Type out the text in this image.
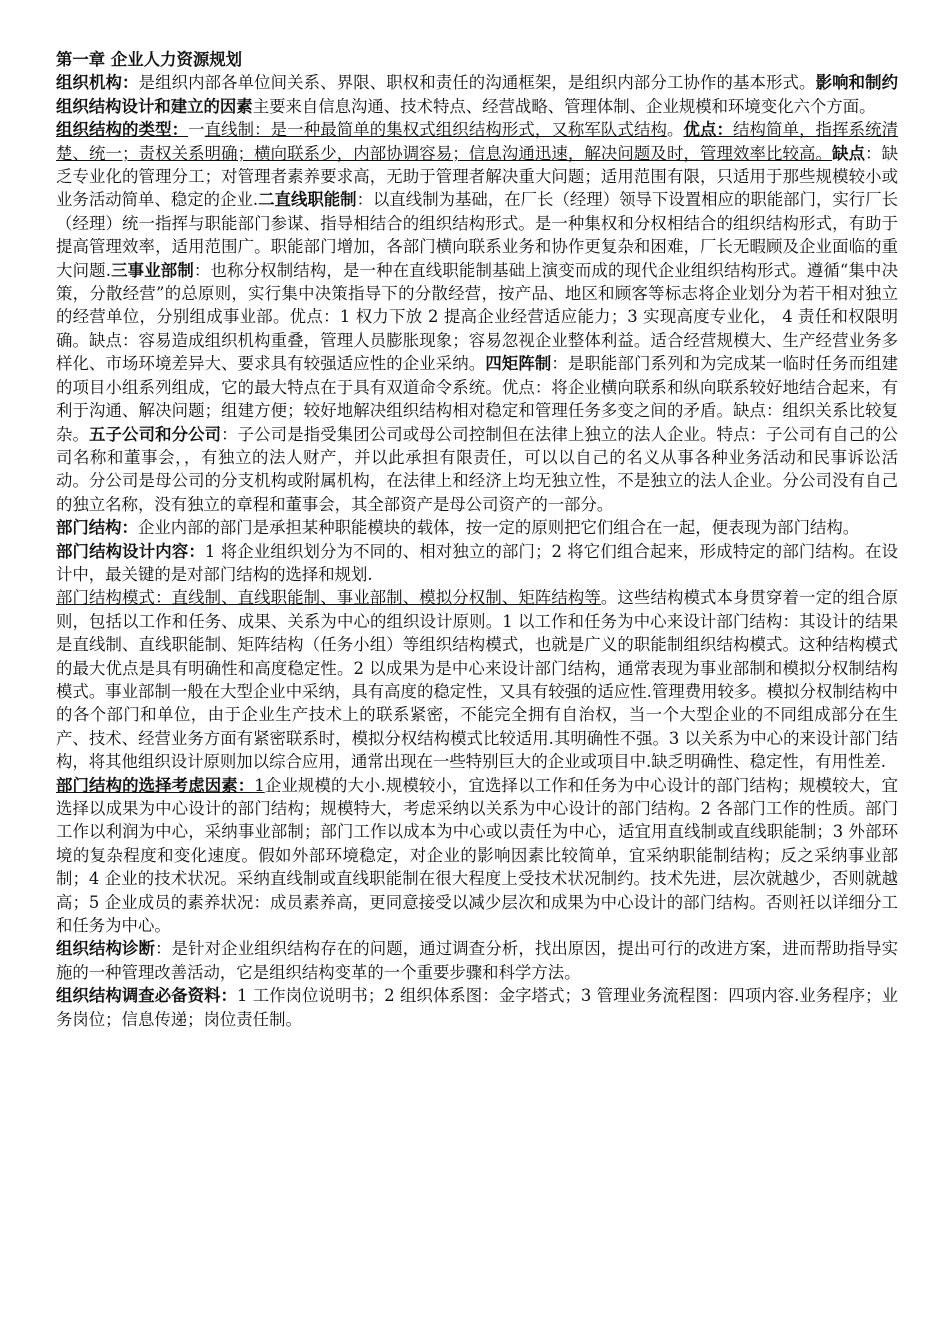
第一章 企业人力资源规划

组织机构：是组织内部各单位间关系、界限、职权和责任的沟通框架，是组织内部分工协作的基本形式。影响和制约组织结构设计和建立的因素主要来自信息沟通、技术特点、经营战略、管理体制、企业规模和环境变化六个方面。

组织结构的类型：一直线制：是一种最简单的集权式组织结构形式，又称军队式结构。优点：结构简单，指挥系统清楚、统一；责权关系明确；横向联系少，内部协调容易；信息沟通迅速，解决问题及时，管理效率比较高。缺点：缺乏专业化的管理分工；对管理者素养要求高，无助于管理者解决重大问题；适用范围有限，只适用于那些规模较小或业务活动简单、稳定的企业.二直线职能制：以直线制为基础，在厂长（经理）领导下设置相应的职能部门，实行厂长（经理）统一指挥与职能部门参谋、指导相结合的组织结构形式。是一种集权和分权相结合的组织结构形式，有助于提高管理效率，适用范围广。职能部门增加，各部门横向联系业务和协作更复杂和困难，厂长无暇顾及企业面临的重大问题.三事业部制：也称分权制结构，是一种在直线职能制基础上演变而成的现代企业组织结构形式。遵循“集中决策，分散经营”的总原则，实行集中决策指导下的分散经营，按产品、地区和顾客等标志将企业划分为若干相对独立的经营单位，分别组成事业部。优点：1 权力下放 2 提高企业经营适应能力；3 实现高度专业化， 4 责任和权限明确。缺点：容易造成组织机构重叠，管理人员膨胀现象；容易忽视企业整体利益。适合经营规模大、生产经营业务多样化、市场环境差异大、要求具有较强适应性的企业采纳。四矩阵制：是职能部门系列和为完成某一临时任务而组建的项目小组系列组成，它的最大特点在于具有双道命令系统。优点：将企业横向联系和纵向联系较好地结合起来，有利于沟通、解决问题；组建方便；较好地解决组织结构相对稳定和管理任务多变之间的矛盾。缺点：组织关系比较复杂。五子公司和分公司：子公司是指受集团公司或母公司控制但在法律上独立的法人企业。特点：子公司有自己的公司名称和董事会，，有独立的法人财产，并以此承担有限责任，可以以自己的名义从事各种业务活动和民事诉讼活动。分公司是母公司的分支机构或附属机构，在法律上和经济上均无独立性，不是独立的法人企业。分公司没有自己的独立名称，没有独立的章程和董事会，其全部资产是母公司资产的一部分。

部门结构：企业内部的部门是承担某种职能模块的载体，按一定的原则把它们组合在一起，便表现为部门结构。

部门结构设计内容：1 将企业组织划分为不同的、相对独立的部门；2 将它们组合起来，形成特定的部门结构。在设计中，最关键的是对部门结构的选择和规划.

部门结构模式：直线制、直线职能制、事业部制、模拟分权制、矩阵结构等。这些结构模式本身贯穿着一定的组合原则，包括以工作和任务、成果、关系为中心的组织设计原则。1 以工作和任务为中心来设计部门结构：其设计的结果是直线制、直线职能制、矩阵结构（任务小组）等组织结构模式，也就是广义的职能制组织结构模式。这种结构模式的最大优点是具有明确性和高度稳定性。2 以成果为是中心来设计部门结构，通常表现为事业部制和模拟分权制结构模式。事业部制一般在大型企业中采纳，具有高度的稳定性，又具有较强的适应性.管理费用较多。模拟分权制结构中的各个部门和单位，由于企业生产技术上的联系紧密，不能完全拥有自治权，当一个大型企业的不同组成部分在生产、技术、经营业务方面有紧密联系时，模拟分权结构模式比较适用.其明确性不强。3 以关系为中心的来设计部门结构，将其他组织设计原则加以综合应用，通常出现在一些特别巨大的企业或项目中.缺乏明确性、稳定性，有用性差.

部门结构的选择考虑因素：1企业规模的大小.规模较小，宜选择以工作和任务为中心设计的部门结构；规模较大，宜选择以成果为中心设计的部门结构；规模特大，考虑采纳以关系为中心设计的部门结构。2 各部门工作的性质。部门工作以利润为中心，采纳事业部制；部门工作以成本为中心或以责任为中心，适宜用直线制或直线职能制；3 外部环境的复杂程度和变化速度。假如外部环境稳定，对企业的影响因素比较简单，宜采纳职能制结构；反之采纳事业部制；4 企业的技术状况。采纳直线制或直线职能制在很大程度上受技术状况制约。技术先进，层次就越少，否则就越高；5 企业成员的素养状况：成员素养高，更同意接受以减少层次和成果为中心设计的部门结构。否则衽以详细分工和任务为中心。

组织结构诊断：是针对企业组织结构存在的问题，通过调查分析，找出原因，提出可行的改进方案，进而帮助指导实施的一种管理改善活动，它是组织结构变革的一个重要步骤和科学方法。

组织结构调查必备资料：1 工作岗位说明书；2 组织体系图：金字塔式；3 管理业务流程图：四项内容.业务程序；业务岗位；信息传递；岗位责任制。
